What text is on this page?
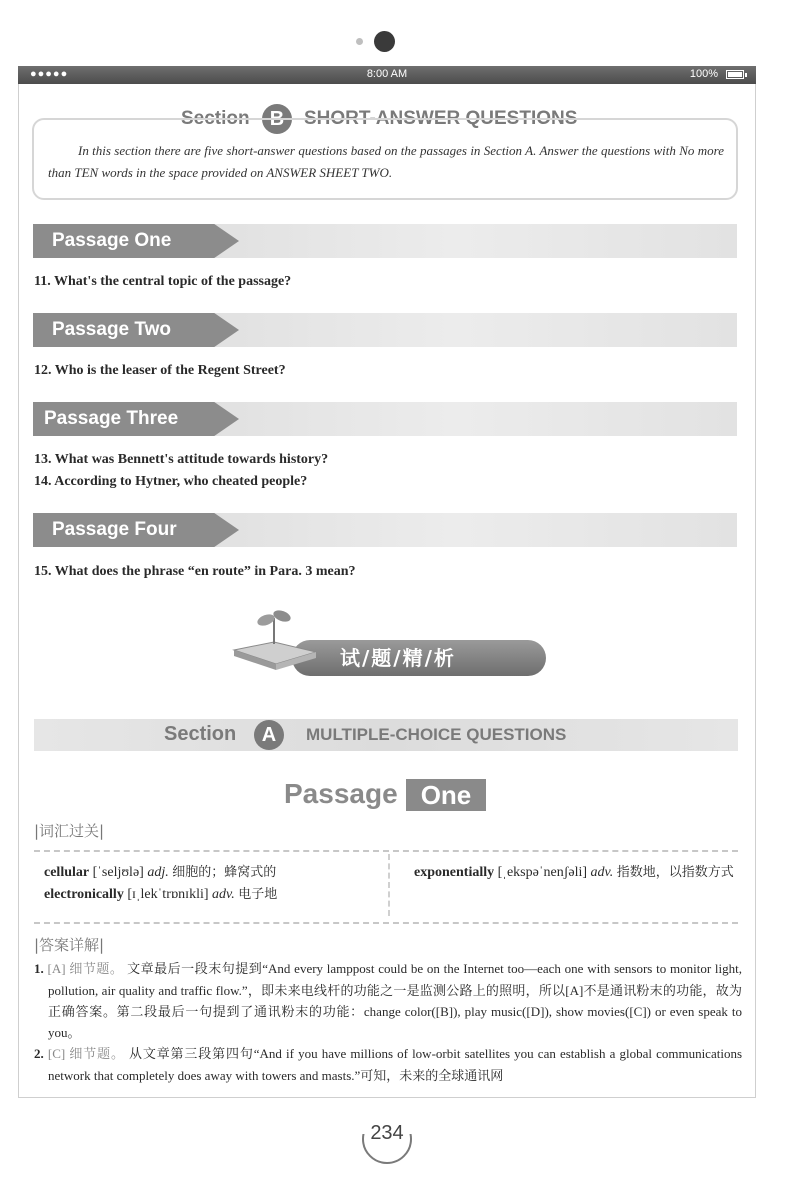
●●●●●	8:00 AM	100%
Section	B	SHORT-ANSWER QUESTIONS
In this section there are five short-answer questions based on the passages in Section A. Answer the questions with No more than TEN words in the space provided on ANSWER SHEET TWO.
Passage One
11. What's the central topic of the passage?
Passage Two
12. Who is the leaser of the Regent Street?
Passage Three
13. What was Bennett's attitude towards history?
14. According to Hytner, who cheated people?
Passage Four
15. What does the phrase “en route” in Para. 3 mean?
试/题/精/析
Section	A	MULTIPLE-CHOICE QUESTIONS
Passage One
|词汇过关|
cellular [ˈseljʊlə] adj. 细胞的；蜂窝式的
electronically [ɪˌlekˈtrɒnɪkli] adv. 电子地
exponentially [ˌekspəˈnenʃəli] adv. 指数地，以指数方式
|答案详解|
1. [A] 细节题。 文章最后一段末句提到“And every lamppost could be on the Internet too—each one with sensors to monitor light, pollution, air quality and traffic flow.”，即未来电线杆的功能之一是监测公路上的照明，所以[A]不是通讯粉末的功能，故为正确答案。第二段最后一句提到了通讯粉末的功能：change color([B]), play music([D]), show movies([C]) or even speak to you。
2. [C] 细节题。 从文章第三段第四句“And if you have millions of low-orbit satellites you can establish a global communications network that completely does away with towers and masts.”可知，未来的全球通讯网
234
